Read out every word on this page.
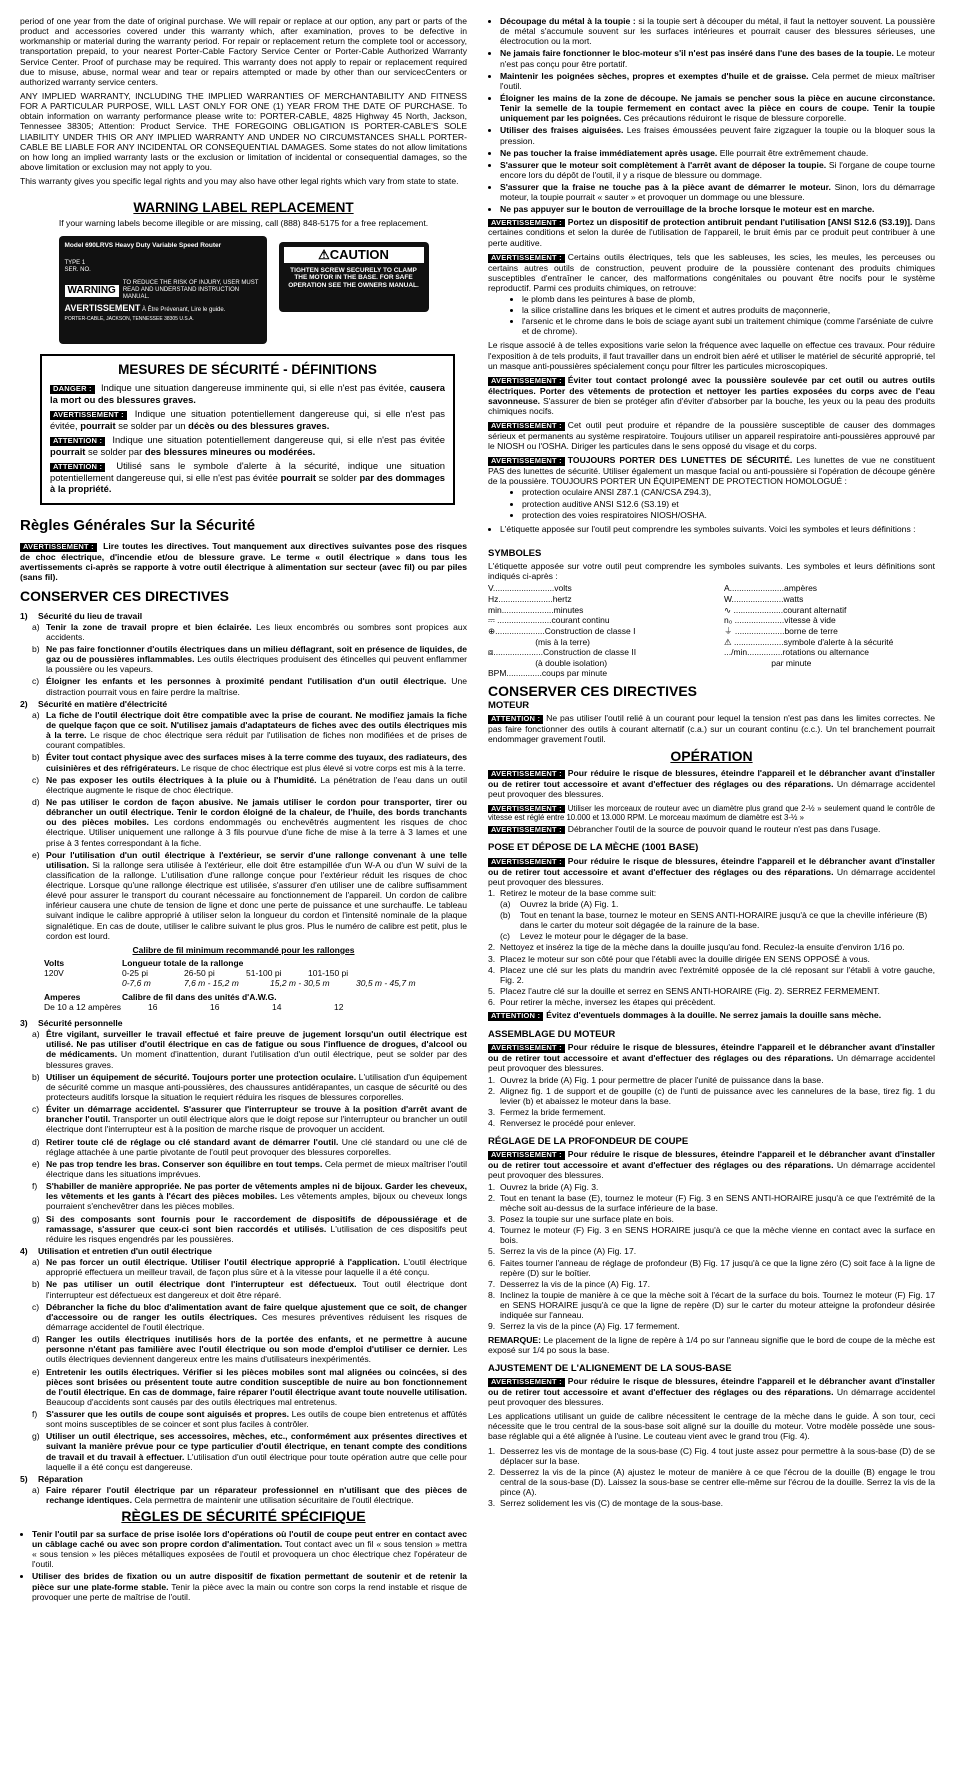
period of one year from the date of original purchase. We will repair or replace at our option, any part or parts of the product and accessories covered under this warranty which, after examination, proves to be defective in workmanship or material during the warranty period. For repair or replacement return the complete tool or accessory, transportation prepaid, to your nearest Porter-Cable Factory Service Center or Porter-Cable Authorized Warranty Service Center. Proof of purchase may be required. This warranty does not apply to repair or replacement required due to misuse, abuse, normal wear and tear or repairs attempted or made by other than our servicecCenters or authorized warranty service centers.

ANY IMPLIED WARRANTY, INCLUDING THE IMPLIED WARRANTIES OF MERCHANTABILITY AND FITNESS FOR A PARTICULAR PURPOSE, WILL LAST ONLY FOR ONE (1) YEAR FROM THE DATE OF PURCHASE. To obtain information on warranty performance please write to: PORTER-CABLE, 4825 Highway 45 North, Jackson, Tennessee 38305; Attention: Product Service. THE FOREGOING OBLIGATION IS PORTER-CABLE'S SOLE LIABILITY UNDER THIS OR ANY IMPLIED WARRANTY AND UNDER NO CIRCUMSTANCES SHALL PORTER-CABLE BE LIABLE FOR ANY INCIDENTAL OR CONSEQUENTIAL DAMAGES. Some states do not allow limitations on how long an implied warranty lasts or the exclusion or limitation of incidental or consequential damages, so the above limitation or exclusion may not apply to you.

This warranty gives you specific legal rights and you may also have other legal rights which vary from state to state.

WARNING LABEL REPLACEMENT

If your warning labels become illegible or are missing, call (888) 848-5175 for a free replacement.

Model 690LRVS Heavy Duty Variable Speed Router
TYPE 1
SER. NO.
WARNING
TO REDUCE THE RISK OF INJURY, USER MUST READ AND UNDERSTAND INSTRUCTION MANUAL.
AVERTISSEMENT À Être Prévenant, Lire le guide.
PORTER-CABLE, JACKSON, TENNESSEE 38305 U.S.A.
⚠CAUTION
TIGHTEN SCREW SECURELY TO CLAMP THE MOTOR IN THE BASE. FOR SAFE OPERATION SEE THE OWNERS MANUAL.
MESURES DE SÉCURITÉ - DÉFINITIONS

DANGER : Indique une situation dangereuse imminente qui, si elle n'est pas évitée, causera la mort ou des blessures graves.

AVERTISSEMENT : Indique une situation potentiellement dangereuse qui, si elle n'est pas évitée, pourrait se solder par un décès ou des blessures graves.

ATTENTION : Indique une situation potentiellement dangereuse qui, si elle n'est pas évitée pourrait se solder par des blessures mineures ou modérées.

ATTENTION : Utilisé sans le symbole d'alerte à la sécurité, indique une situation potentiellement dangereuse qui, si elle n'est pas évitée pourrait se solder par des dommages à la propriété.

Règles Générales Sur la Sécurité

AVERTISSEMENT : Lire toutes les directives. Tout manquement aux directives suivantes pose des risques de choc électrique, d'incendie et/ou de blessure grave. Le terme « outil électrique » dans tous les avertissements ci-après se rapporte à votre outil électrique à alimentation sur secteur (avec fil) ou par piles (sans fil).

CONSERVER CES DIRECTIVES
1)	Sécurité du lieu de travail
a) Tenir la zone de travail propre et bien éclairée. Les lieux encombrés ou sombres sont propices aux accidents.
b) Ne pas faire fonctionner d'outils électriques dans un milieu déflagrant, soit en présence de liquides, de gaz ou de poussières inflammables. Les outils électriques produisent des étincelles qui peuvent enflammer la poussière ou les vapeurs.
c) Éloigner les enfants et les personnes à proximité pendant l'utilisation d'un outil électrique. Une distraction pourrait vous en faire perdre la maîtrise.
2)	Sécurité en matière d'électricité
a) La fiche de l'outil électrique doit être compatible avec la prise de courant. Ne modifiez jamais la fiche de quelque façon que ce soit. N'utilisez jamais d'adaptateurs de fiches avec des outils électriques mis à la terre. Le risque de choc électrique sera réduit par l'utilisation de fiches non modifiées et de prises de courant compatibles.
b) Éviter tout contact physique avec des surfaces mises à la terre comme des tuyaux, des radiateurs, des cuisinières et des réfrigérateurs. Le risque de choc électrique est plus élevé si votre corps est mis à la terre.
c) Ne pas exposer les outils électriques à la pluie ou à l'humidité. La pénétration de l'eau dans un outil électrique augmente le risque de choc électrique.
d) Ne pas utiliser le cordon de façon abusive. Ne jamais utiliser le cordon pour transporter, tirer ou débrancher un outil électrique. Tenir le cordon éloigné de la chaleur, de l'huile, des bords tranchants ou des pièces mobiles. Les cordons endommagés ou enchevêtrés augmentent les risques de choc électrique. Utiliser uniquement une rallonge à 3 fils pourvue d'une fiche de mise à la terre à 3 lames et une prise à 3 fentes correspondant à la fiche.
e) Pour l'utilisation d'un outil électrique à l'extérieur, se servir d'une rallonge convenant à une telle utilisation. Si la rallonge sera utilisée à l'extérieur, elle doit être estampillée d'un W-A ou d'un W suivi de la classification de la rallonge. L'utilisation d'une rallonge conçue pour l'extérieur réduit les risques de choc électrique. Lorsque qu'une rallonge électrique est utilisée, s'assurer d'en utiliser une de calibre suffisamment élevé pour assurer le transport du courant nécessaire au fonctionnement de l'appareil. Un cordon de calibre inférieur causera une chute de tension de ligne et donc une perte de puissance et une surchauffe. Le tableau suivant indique le calibre approprié à utiliser selon la longueur du cordon et l'intensité nominale de la plaque signalétique. En cas de doute, utiliser le calibre suivant le plus gros. Plus le numéro de calibre est petit, plus le cordon est lourd.
Calibre de fil minimum recommandé pour les rallonges
Volts	Longueur totale de la rallonge
120V	0-25 pi	26-50 pi	51-100 pi	101-150 pi
0-7,6 m	7,6 m - 15,2 m	15,2 m - 30,5 m	30,5 m - 45,7 m
Amperes	Calibre de fil dans des unités d'A.W.G.
De 10 a 12 ampères	16	16	14	12
3)	Sécurité personnelle
a) Être vigilant, surveiller le travail effectué et faire preuve de jugement lorsqu'un outil électrique est utilisé. Ne pas utiliser d'outil électrique en cas de fatigue ou sous l'influence de drogues, d'alcool ou de médicaments. Un moment d'inattention, durant l'utilisation d'un outil électrique, peut se solder par des blessures graves.
b) Utiliser un équipement de sécurité. Toujours porter une protection oculaire. L'utilisation d'un équipement de sécurité comme un masque anti-poussières, des chaussures antidérapantes, un casque de sécurité ou des protecteurs auditifs lorsque la situation le requiert réduira les risques de blessures corporelles.
c) Éviter un démarrage accidentel. S'assurer que l'interrupteur se trouve à la position d'arrêt avant de brancher l'outil. Transporter un outil électrique alors que le doigt repose sur l'interrupteur ou brancher un outil électrique dont l'interrupteur est à la position de marche risque de provoquer un accident.
d) Retirer toute clé de réglage ou clé standard avant de démarrer l'outil. Une clé standard ou une clé de réglage attachée à une partie pivotante de l'outil peut provoquer des blessures corporelles.
e) Ne pas trop tendre les bras. Conserver son équilibre en tout temps. Cela permet de mieux maîtriser l'outil électrique dans les situations imprévues.
f)	S'habiller de manière appropriée. Ne pas porter de vêtements amples ni de bijoux. Garder les cheveux, les vêtements et les gants à l'écart des pièces mobiles. Les vêtements amples, bijoux ou cheveux longs pourraient s'enchevêtrer dans les pièces mobiles.
g) Si des composants sont fournis pour le raccordement de dispositifs de dépoussiérage et de ramassage, s'assurer que ceux-ci sont bien raccordés et utilisés. L'utilisation de ces dispositifs peut réduire les risques engendrés par les poussières.
4)	Utilisation et entretien d'un outil électrique
a) Ne pas forcer un outil électrique. Utiliser l'outil électrique approprié à l'application. L'outil électrique approprié effectuera un meilleur travail, de façon plus sûre et à la vitesse pour laquelle il a été conçu.
b) Ne pas utiliser un outil électrique dont l'interrupteur est défectueux. Tout outil électrique dont l'interrupteur est défectueux est dangereux et doit être réparé.
c) Débrancher la fiche du bloc d'alimentation avant de faire quelque ajustement que ce soit, de changer d'accessoire ou de ranger les outils électriques. Ces mesures préventives réduisent les risques de démarrage accidentel de l'outil électrique.
d) Ranger les outils électriques inutilisés hors de la portée des enfants, et ne permettre à aucune personne n'étant pas familière avec l'outil électrique ou son mode d'emploi d'utiliser ce dernier. Les outils électriques deviennent dangereux entre les mains d'utilisateurs inexpérimentés.
e) Entretenir les outils électriques. Vérifier si les pièces mobiles sont mal alignées ou coincées, si des pièces sont brisées ou présentent toute autre condition susceptible de nuire au bon fonctionnement de l'outil électrique. En cas de dommage, faire réparer l'outil électrique avant toute nouvelle utilisation. Beaucoup d'accidents sont causés par des outils électriques mal entretenus.
f)	S'assurer que les outils de coupe sont aiguisés et propres. Les outils de coupe bien entretenus et affûtés sont moins susceptibles de se coincer et sont plus faciles à contrôler.
g) Utiliser un outil électrique, ses accessoires, mèches, etc., conformément aux présentes directives et suivant la manière prévue pour ce type particulier d'outil électrique, en tenant compte des conditions de travail et du travail à effectuer. L'utilisation d'un outil électrique pour toute opération autre que celle pour laquelle il a été conçu est dangereuse.
5)	Réparation
a) Faire réparer l'outil électrique par un réparateur professionnel en n'utilisant que des pièces de rechange identiques. Cela permettra de maintenir une utilisation sécuritaire de l'outil électrique.
RÈGLES DE SÉCURITÉ SPÉCIFIQUE
• Tenir l'outil par sa surface de prise isolée lors d'opérations où l'outil de coupe peut entrer en contact avec un câblage caché ou avec son propre cordon d'alimentation. Tout contact avec un fil « sous tension » mettra « sous tension » les pièces métalliques exposées de l'outil et provoquera un choc électrique chez l'opérateur de l'outil.
• Utiliser des brides de fixation ou un autre dispositif de fixation permettant de soutenir et de retenir la pièce sur une plate-forme stable. Tenir la pièce avec la main ou contre son corps la rend instable et risque de provoquer une perte de maîtrise de l'outil.
• Découpage du métal à la toupie : si la toupie sert à découper du métal, il faut la nettoyer souvent. La poussière de métal s'accumule souvent sur les surfaces intérieures et pourrait causer des blessures sérieuses, une électrocution ou la mort.
• Ne jamais faire fonctionner le bloc-moteur s'il n'est pas inséré dans l'une des bases de la toupie. Le moteur n'est pas conçu pour être portatif.
• Maintenir les poignées sèches, propres et exemptes d'huile et de graisse. Cela permet de mieux maîtriser l'outil.
• Éloigner les mains de la zone de découpe. Ne jamais se pencher sous la pièce en aucune circonstance. Tenir la semelle de la toupie fermement en contact avec la pièce en cours de coupe. Tenir la toupie uniquement par les poignées. Ces précautions réduiront le risque de blessure corporelle.
• Utiliser des fraises aiguisées. Les fraises émoussées peuvent faire zigzaguer la toupie ou la bloquer sous la pression.
• Ne pas toucher la fraise immédiatement après usage. Elle pourrait être extrêmement chaude.
• S'assurer que le moteur soit complètement à l'arrêt avant de déposer la toupie. Si l'organe de coupe tourne encore lors du dépôt de l'outil, il y a risque de blessure ou dommage.
• S'assurer que la fraise ne touche pas à la pièce avant de démarrer le moteur. Sinon, lors du démarrage moteur, la toupie pourrait « sauter » et provoquer un dommage ou une blessure.
• Ne pas appuyer sur le bouton de verrouillage de la broche lorsque le moteur est en marche.

AVERTISSEMENT : Portez un dispositif de protection antibruit pendant l'utilisation [ANSI S12.6 (S3.19)]. Dans certaines conditions et selon la durée de l'utilisation de l'appareil, le bruit émis par ce produit peut contribuer à une perte auditive.

AVERTISSEMENT : Certains outils électriques, tels que les sableuses, les scies, les meules, les perceuses ou certains autres outils de construction, peuvent produire de la poussière contenant des produits chimiques susceptibles d'entraîner le cancer, des malformations congénitales ou pouvant être nocifs pour le système reproductif. Parmi ces produits chimiques, on retrouve:

• le plomb dans les peintures à base de plomb,
• la silice cristalline dans les briques et le ciment et autres produits de maçonnerie,
• l'arsenic et le chrome dans le bois de sciage ayant subi un traitement chimique (comme l'arséniate de cuivre et de chrome).

Le risque associé à de telles expositions varie selon la fréquence avec laquelle on effectue ces travaux. Pour réduire l'exposition à de tels produits, il faut travailler dans un endroit bien aéré et utiliser le matériel de sécurité approprié, tel un masque anti-poussières spécialement conçu pour filtrer les particules microscopiques.

AVERTISSEMENT : Éviter tout contact prolongé avec la poussière soulevée par cet outil ou autres outils électriques. Porter des vêtements de protection et nettoyer les parties exposées du corps avec de l'eau savonneuse. S'assurer de bien se protéger afin d'éviter d'absorber par la bouche, les yeux ou la peau des produits chimiques nocifs.

AVERTISSEMENT : Cet outil peut produire et répandre de la poussière susceptible de causer des dommages sérieux et permanents au système respiratoire. Toujours utiliser un appareil respiratoire anti-poussières approuvé par le NIOSH ou l'OSHA. Diriger les particules dans le sens opposé du visage et du corps.

AVERTISSEMENT : TOUJOURS PORTER DES LUNETTES DE SÉCURITÉ. Les lunettes de vue ne constituent PAS des lunettes de sécurité. Utiliser également un masque facial ou anti-poussière si l'opération de découpe génère de la poussière. TOUJOURS PORTER UN ÉQUIPEMENT DE PROTECTION HOMOLOGUÉ :

• protection oculaire ANSI Z87.1 (CAN/CSA Z94.3),
• protection auditive ANSI S12.6 (S3.19) et
• protection des voies respiratoires NIOSH/OSHA.
• L'étiquette apposée sur l'outil peut comprendre les symboles suivants. Voici les symboles et leurs définitions :
SYMBOLES

L'étiquette apposée sur votre outil peut comprendre les symboles suivants. Les symboles et leurs définitions sont indiqués ci-après :

V..........................volts
Hz.......................hertz
min......................minutes
⎓ .......................courant continu
⊕.....................Construction de classe I
(mis à la terre)
⧈.....................Construction de classe II
(à double isolation)
BPM...............coups par minute
A.......................ampères
W......................watts
∿ .....................courant alternatif
n₀ .....................vitesse à vide
⏚ .....................borne de terre
⚠ .....................symbole d'alerte à la sécurité
.../min...............rotations ou alternance
par minute
CONSERVER CES DIRECTIVES
MOTEUR

ATTENTION : Ne pas utiliser l'outil relié à un courant pour lequel la tension n'est pas dans les limites correctes. Ne pas faire fonctionner des outils à courant alternatif (c.a.) sur un courant continu (c.c.). Un tel branchement pourrait endommager gravement l'outil.

OPÉRATION

AVERTISSEMENT : Pour réduire le risque de blessures, éteindre l'appareil et le débrancher avant d'installer ou de retirer tout accessoire et avant d'effectuer des réglages ou des réparations. Un démarrage accidentel peut provoquer des blessures.

AVERTISSEMENT : Utiliser les morceaux de routeur avec un diamètre plus grand que 2-½ » seulement quand le contrôle de vitesse est réglé entre 10.000 et 13.000 RPM. Le morceau maximum de diamètre est 3-½ »

AVERTISSEMENT : Débrancher l'outil de la source de pouvoir quand le routeur n'est pas dans l'usage.

POSE ET DÉPOSE DE LA MÈCHE (1001 BASE)

AVERTISSEMENT : Pour réduire le risque de blessures, éteindre l'appareil et le débrancher avant d'installer ou de retirer tout accessoire et avant d'effectuer des réglages ou des réparations. Un démarrage accidentel peut provoquer des blessures.

1. Retirez le moteur de la base comme suit:
(a)	Ouvrez la bride (A) Fig. 1.
(b)	Tout en tenant la base, tournez le moteur en SENS ANTI-HORAIRE jusqu'à ce que la cheville inférieure (B) dans le carter du moteur soit dégagée de la rainure de la base.
(c)	Levez le moteur pour le dégager de la base.
2. Nettoyez et insérez la tige de la mèche dans la douille jusqu'au fond. Reculez-la ensuite d'environ 1/16 po.
3. Placez le moteur sur son côté pour que l'établi avec la douille dirigée EN SENS OPPOSÉ à vous.
4. Placez une clé sur les plats du mandrin avec l'extrémité opposée de la clé reposant sur l'établi à votre gauche, Fig. 2.
5. Placez l'autre clé sur la douille et serrez en SENS ANTI-HORAIRE (Fig. 2). SERREZ FERMEMENT.
6. Pour retirer la mèche, inversez les étapes qui précèdent.

ATTENTION : Évitez d'eventuels dommages à la douille. Ne serrez jamais la douille sans mèche.

ASSEMBLAGE DU MOTEUR

AVERTISSEMENT : Pour réduire le risque de blessures, éteindre l'appareil et le débrancher avant d'installer ou de retirer tout accessoire et avant d'effectuer des réglages ou des réparations. Un démarrage accidentel peut provoquer des blessures.

1. Ouvrez la bride (A) Fig. 1 pour permettre de placer l'unité de puissance dans la base.
2. Alignez fig. 1 de support et de goupille (c) de l'unti de puissance avec les cannelures de la base, tirez fig. 1 du levier (b) et abaissez le moteur dans la base.
3. Fermez la bride fermement.
4. Renversez le procédé pour enlever.
RÉGLAGE DE LA PROFONDEUR DE COUPE

AVERTISSEMENT : Pour réduire le risque de blessures, éteindre l'appareil et le débrancher avant d'installer ou de retirer tout accessoire et avant d'effectuer des réglages ou des réparations. Un démarrage accidentel peut provoquer des blessures.

1. Ouvrez la bride (A) Fig. 3.
2. Tout en tenant la base (E), tournez le moteur (F) Fig. 3 en SENS ANTI-HORAIRE jusqu'à ce que l'extrémité de la mèche soit au-dessus de la surface inférieure de la base.
3. Posez la toupie sur une surface plate en bois.
4. Tournez le moteur (F) Fig. 3 en SENS HORAIRE jusqu'à ce que la mèche vienne en contact avec la surface en bois.
5. Serrez la vis de la pince (A) Fig. 17.
6. Faites tourner l'anneau de réglage de profondeur (B) Fig. 17 jusqu'à ce que la ligne zéro (C) soit face à la ligne de repère (D) sur le boîtier.
7. Desserrez la vis de la pince (A) Fig. 17.
8. Inclinez la toupie de manière à ce que la mèche soit à l'écart de la surface du bois. Tournez le moteur (F) Fig. 17 en SENS HORAIRE jusqu'à ce que la ligne de repère (D) sur le carter du moteur atteigne la profondeur désirée indiquée sur l'anneau.
9. Serrez la vis de la pince (A) Fig. 17 fermement.

REMARQUE: Le placement de la ligne de repère à 1/4 po sur l'anneau signifie que le bord de coupe de la mèche est exposé sur 1/4 po sous la base.

AJUSTEMENT DE L'ALIGNEMENT DE LA SOUS-BASE

AVERTISSEMENT : Pour réduire le risque de blessures, éteindre l'appareil et le débrancher avant d'installer ou de retirer tout accessoire et avant d'effectuer des réglages ou des réparations. Un démarrage accidentel peut provoquer des blessures.

Les applications utilisant un guide de calibre nécessitent le centrage de la mèche dans le guide. À son tour, ceci nécessite que le trou central de la sous-base soit aligné sur la douille du moteur. Votre modèle possède une sous-base réglable qui a été alignée à l'usine. Le couteau vient avec le grand trou (Fig. 4).

1. Desserrez les vis de montage de la sous-base (C) Fig. 4 tout juste assez pour permettre à la sous-base (D) de se déplacer sur la base.
2. Desserrez la vis de la pince (A) ajustez le moteur de manière à ce que l'écrou de la douille (B) engage le trou central de la sous-base (D). Laissez la sous-base se centrer elle-même sur l'écrou de la douille. Serrez la vis de la pince (A).
3. Serrez solidement les vis (C) de montage de la sous-base.
